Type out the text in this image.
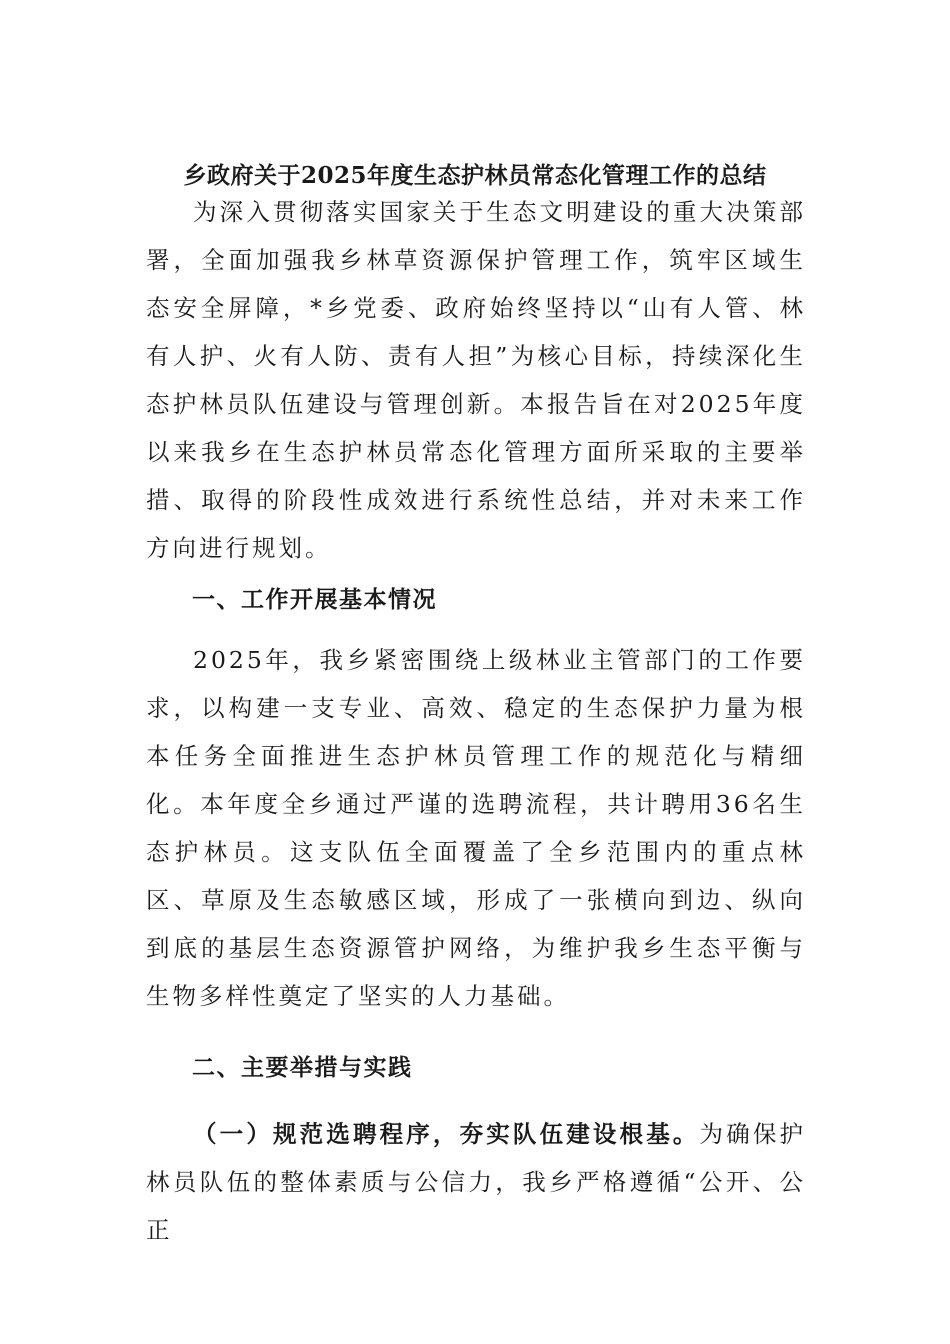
乡政府关于2025年度生态护林员常态化管理工作的总结

为深入贯彻落实国家关于生态文明建设的重大决策部署，全面加强我乡林草资源保护管理工作，筑牢区域生态安全屏障，*乡党委、政府始终坚持以“山有人管、林有人护、火有人防、责有人担”为核心目标，持续深化生态护林员队伍建设与管理创新。本报告旨在对2025年度以来我乡在生态护林员常态化管理方面所采取的主要举措、取得的阶段性成效进行系统性总结，并对未来工作方向进行规划。

一、工作开展基本情况

2025年，我乡紧密围绕上级林业主管部门的工作要求，以构建一支专业、高效、稳定的生态保护力量为根本任务全面推进生态护林员管理工作的规范化与精细化。本年度全乡通过严谨的选聘流程，共计聘用36名生态护林员。这支队伍全面覆盖了全乡范围内的重点林区、草原及生态敏感区域，形成了一张横向到边、纵向到底的基层生态资源管护网络，为维护我乡生态平衡与生物多样性奠定了坚实的人力基础。

二、主要举措与实践

（一）规范选聘程序，夯实队伍建设根基。为确保护林员队伍的整体素质与公信力，我乡严格遵循“公开、公正
